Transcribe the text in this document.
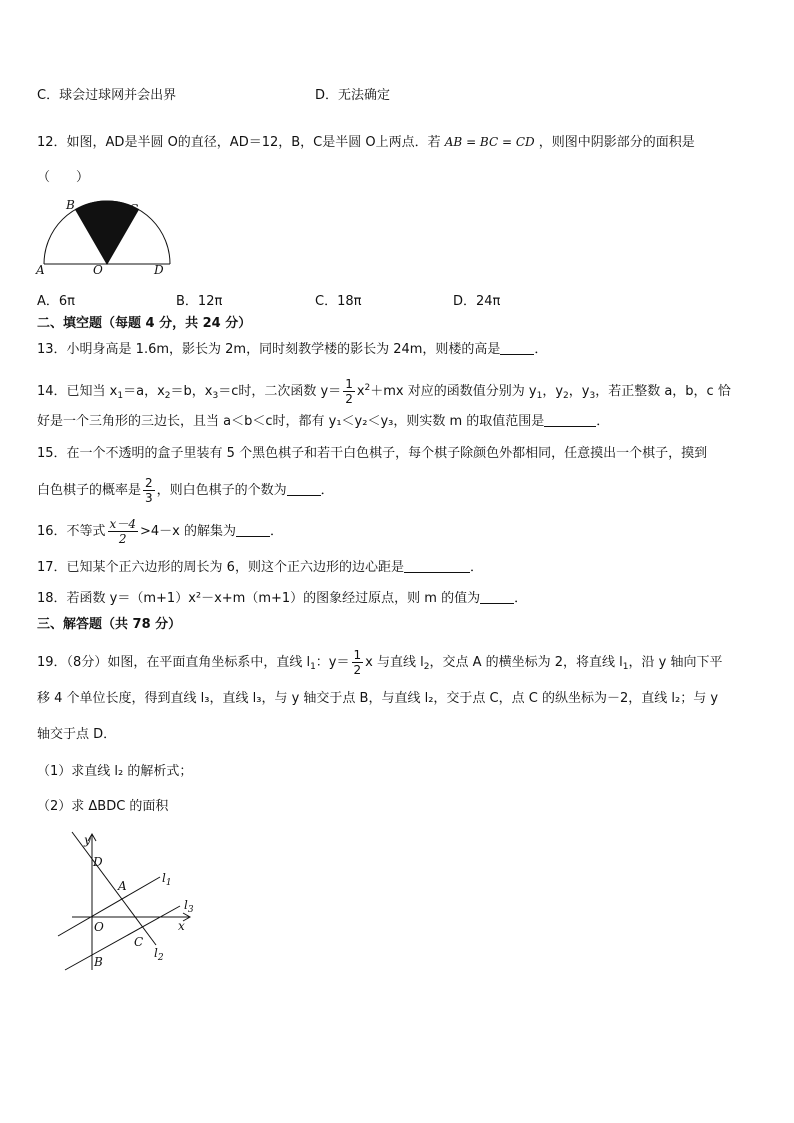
C．球会过球网并会出界	D．无法确定
12．如图，AD是半圆 O的直径，AD＝12，B，C是半圆 O上两点．若 AB = BC = CD ，则图中阴影部分的面积是
（　　）
A
B	C
D
O
A．6π	B．12π	C．18π	D．24π
二、填空题（每题 4 分，共 24 分）
13．小明身高是 1.6m，影长为 2m，同时刻教学楼的影长为 24m，则楼的高是	．
14．已知当 $x_1=a$，$x_2=b$，$x_3=c$时，二次函数 $y= \frac{1}{2} x^2+mx$ 对应的函数值分别为 $y_1$，$y_2$，$y_3$，若正整数 a，b，c 恰
好是一个三角形的三边长，且当 a＜b＜c时，都有 y₁＜y₂＜y₃，则实数 m 的取值范围是	．
15．在一个不透明的盒子里装有 5 个黑色棋子和若干白色棋子，每个棋子除颜色外都相同，任意摸出一个棋子，摸到
白色棋子的概率是 $\frac{2}{3}$ ，则白色棋子的个数为	．
16．不等式 $\frac{x-4}{2} >4-x$ 的解集为	．
17．已知某个正六边形的周长为 6，则这个正六边形的边心距是	．
18．若函数 y＝（m+1）x²－x+m（m+1）的图象经过原点，则 m 的值为	．
三、解答题（共 78 分）
19．（8分）如图，在平面直角坐标系中，直线 $l_1$：$y= \frac{1}{2}$ x 与直线 $l_2$，交点 A 的横坐标为 2，将直线 $l_1$，沿 y 轴向下平
移 4 个单位长度，得到直线 l₃，直线 l₃，与 y 轴交于点 B，与直线 l₂，交于点 C，点 C 的纵坐标为－2，直线 l₂；与 y
轴交于点 D．
（1）求直线 l₂ 的解析式；
（2）求 ΔBDC 的面积
y
D
A
$l_1$
$l_3$
x
O
C
$l_2$
B
